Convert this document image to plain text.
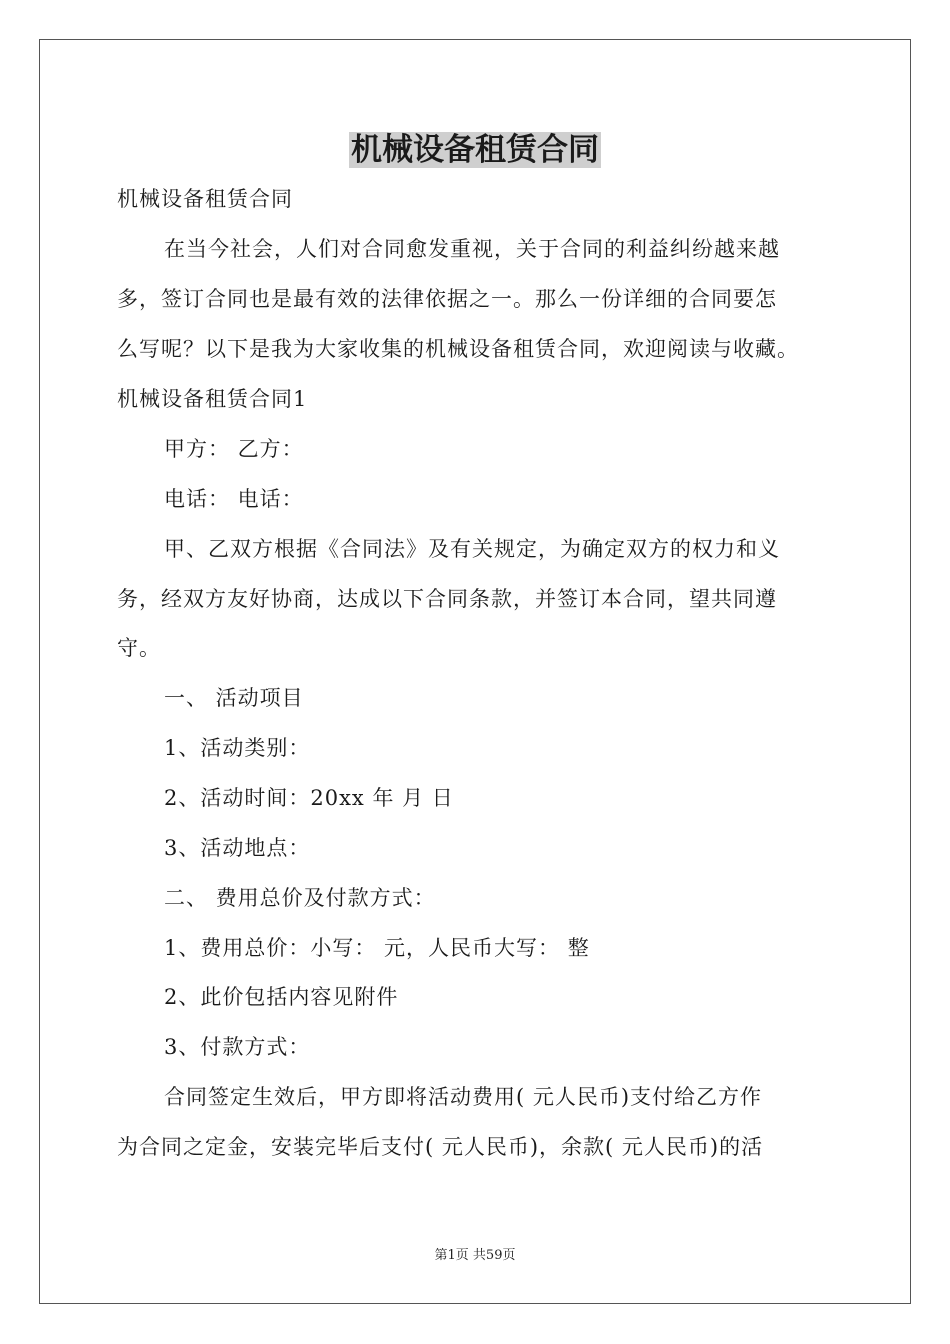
机械设备租赁合同
机械设备租赁合同
在当今社会，人们对合同愈发重视，关于合同的利益纠纷越来越
多，签订合同也是最有效的法律依据之一。那么一份详细的合同要怎
么写呢？以下是我为大家收集的机械设备租赁合同，欢迎阅读与收藏。
机械设备租赁合同1
甲方： 乙方：
电话： 电话：
甲、乙双方根据《合同法》及有关规定，为确定双方的权力和义
务，经双方友好协商，达成以下合同条款，并签订本合同，望共同遵
守。
一、 活动项目
1、活动类别：
2、活动时间：20xx 年 月 日
3、活动地点：
二、 费用总价及付款方式：
1、费用总价：小写： 元，人民币大写： 整
2、此价包括内容见附件
3、付款方式：
合同签定生效后，甲方即将活动费用( 元人民币)支付给乙方作
为合同之定金，安装完毕后支付( 元人民币)，余款( 元人民币)的活
第1页 共59页
